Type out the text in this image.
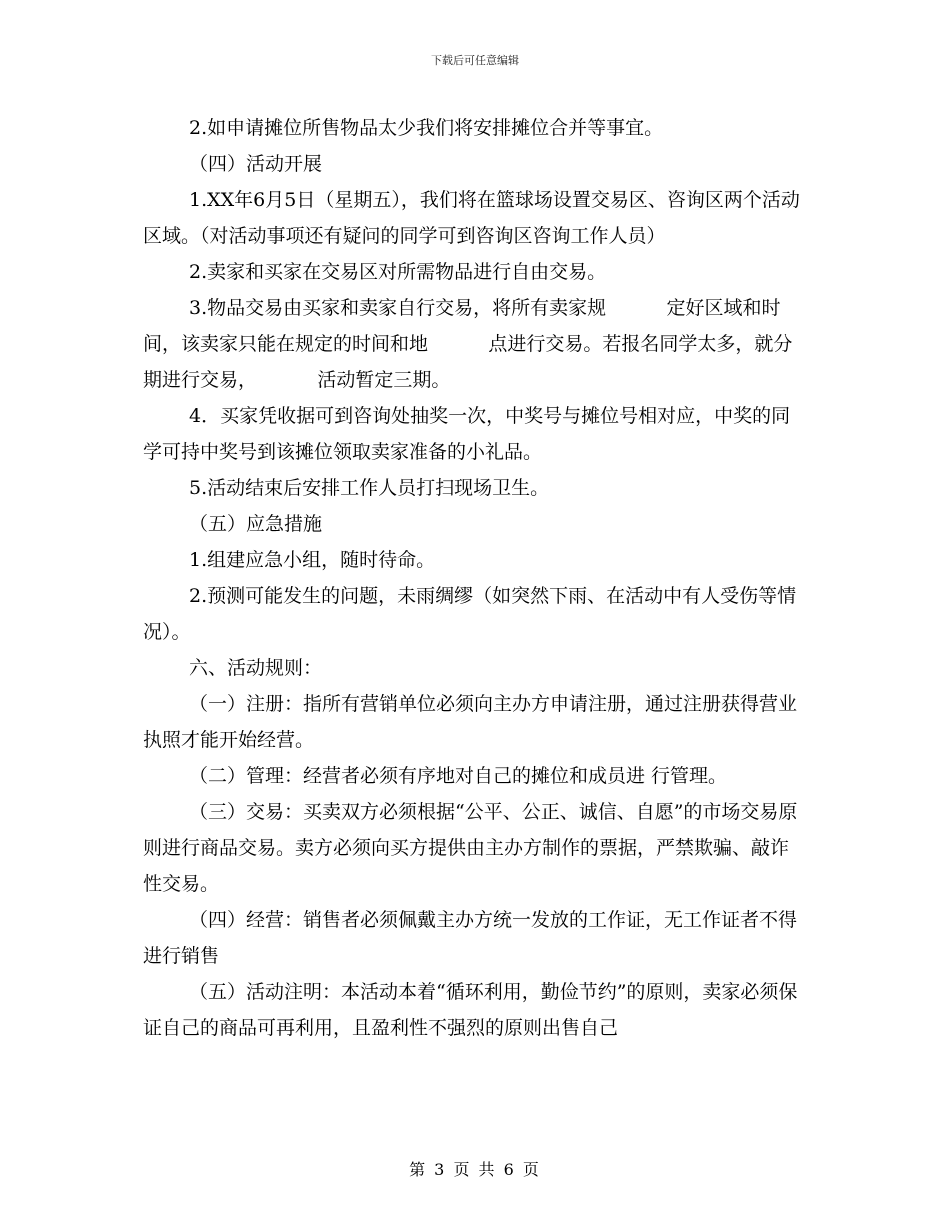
下载后可任意编辑

2.如申请摊位所售物品太少我们将安排摊位合并等事宜。

（四）活动开展

1.XX年6月5日（星期五），我们将在篮球场设置交易区、咨询区两个活动区域。（对活动事项还有疑问的同学可到咨询区咨询工作人员）

2.卖家和买家在交易区对所需物品进行自由交易。

3.物品交易由买家和卖家自行交易，将所有卖家规          定好区域和时间，该卖家只能在规定的时间和地          点进行交易。若报名同学太多，就分期进行交易，          活动暂定三期。

4．买家凭收据可到咨询处抽奖一次，中奖号与摊位号相对应，中奖的同学可持中奖号到该摊位领取卖家准备的小礼品。

5.活动结束后安排工作人员打扫现场卫生。

（五）应急措施

1.组建应急小组，随时待命。

2.预测可能发生的问题，未雨绸缪（如突然下雨、在活动中有人受伤等情况）。

六、活动规则：

（一）注册：指所有营销单位必须向主办方申请注册，通过注册获得营业执照才能开始经营。

（二）管理：经营者必须有序地对自己的摊位和成员进 行管理。

（三）交易：买卖双方必须根据“公平、公正、诚信、自愿”的市场交易原则进行商品交易。卖方必须向买方提供由主办方制作的票据，严禁欺骗、敲诈性交易。

（四）经营：销售者必须佩戴主办方统一发放的工作证，无工作证者不得进行销售

（五）活动注明：本活动本着“循环利用，勤俭节约”的原则，卖家必须保证自己的商品可再利用，且盈利性不强烈的原则出售自己

第 3 页 共 6 页
